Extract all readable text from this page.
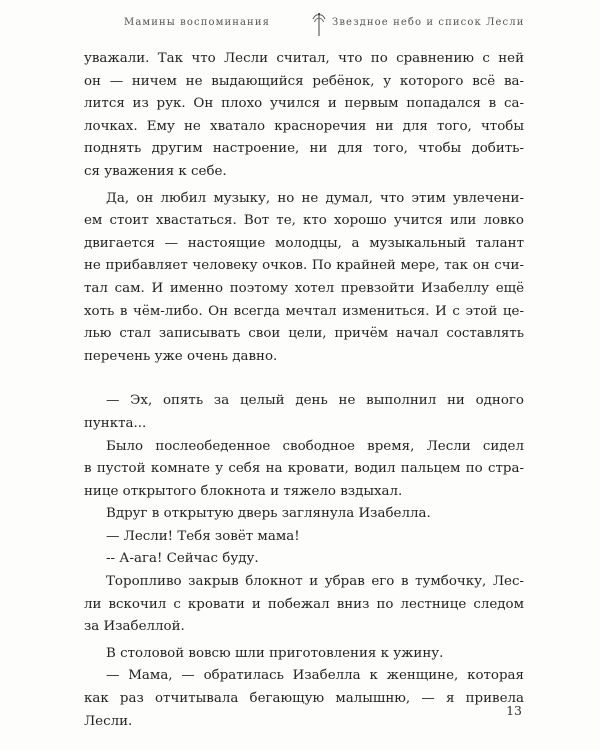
Мамины воспоминания	Звездное небо и список Лесли
уважали. Так что Лесли считал, что по сравнению с ней
он — ничем не выдающийся ребёнок, у которого всё ва-
лится из рук. Он плохо учился и первым попадался в са-
лочках. Ему не хватало красноречия ни для того, чтобы
поднять другим настроение, ни для того, чтобы добить-
ся уважения к себе.
Да, он любил музыку, но не думал, что этим увлечени-
ем стоит хвастаться. Вот те, кто хорошо учится или ловко
двигается — настоящие молодцы, а музыкальный талант
не прибавляет человеку очков. По крайней мере, так он счи-
тал сам. И именно поэтому хотел превзойти Изабеллу ещё
хоть в чём-либо. Он всегда мечтал измениться. И с этой це-
лью стал записывать свои цели, причём начал составлять
перечень уже очень давно.
— Эх, опять за целый день не выполнил ни одного
пункта...
Было послеобеденное свободное время, Лесли сидел
в пустой комнате у себя на кровати, водил пальцем по стра-
нице открытого блокнота и тяжело вздыхал.
Вдруг в открытую дверь заглянула Изабелла.
— Лесли! Тебя зовёт мама!
-- А-ага! Сейчас буду.
Торопливо закрыв блокнот и убрав его в тумбочку, Лес-
ли вскочил с кровати и побежал вниз по лестнице следом
за Изабеллой.
В столовой вовсю шли приготовления к ужину.
— Мама, — обратилась Изабелла к женщине, которая
как раз отчитывала бегающую малышню, — я привела
Лесли.
13
